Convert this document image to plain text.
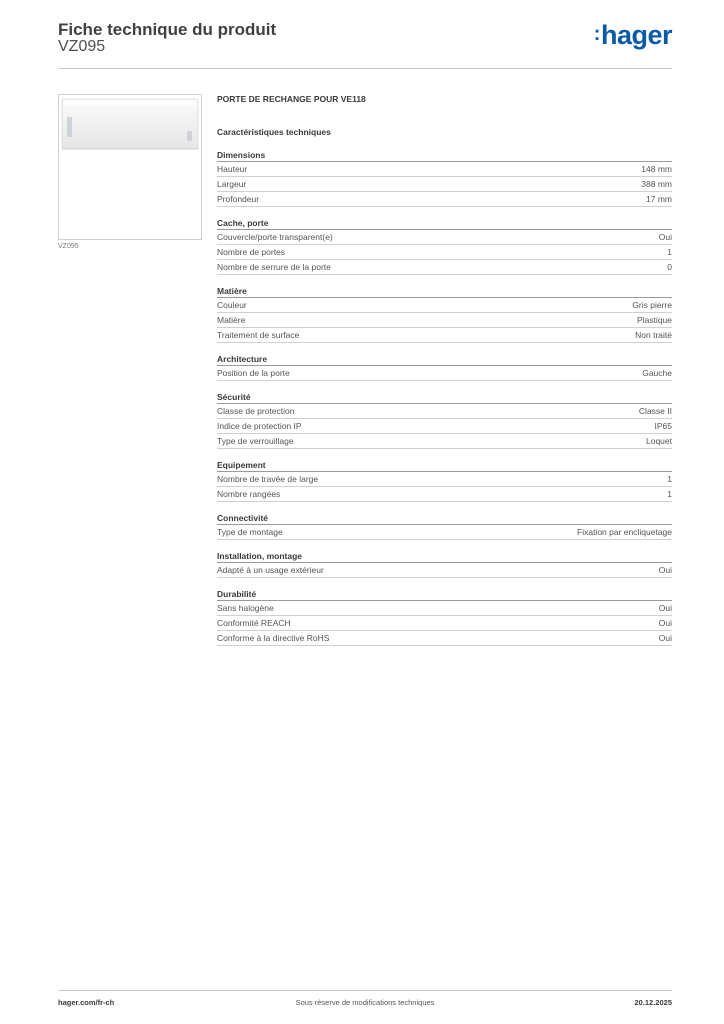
Fiche technique du produit
VZ095
:hager
VZ095
PORTE DE RECHANGE POUR VE118
Caractéristiques techniques
Dimensions
Hauteur	148 mm
Largeur	388 mm
Profondeur	17 mm
Cache, porte
Couvercle/porte transparent(e)	Oui
Nombre de portes	1
Nombre de serrure de la porte	0
Matière
Couleur	Gris pierre
Matière	Plastique
Traitement de surface	Non traité
Architecture
Position de la porte	Gauche
Sécurité
Classe de protection	Classe II
Indice de protection IP	IP65
Type de verrouillage	Loquet
Equipement
Nombre de travée de large	1
Nombre rangées	1
Connectivité
Type de montage	Fixation par encliquetage
Installation, montage
Adapté à un usage extérieur	Oui
Durabilité
Sans halogène	Oui
Conformité REACH	Oui
Conforme à la directive RoHS	Oui
hager.com/fr-ch	Sous réserve de modifications techniques	20.12.2025
